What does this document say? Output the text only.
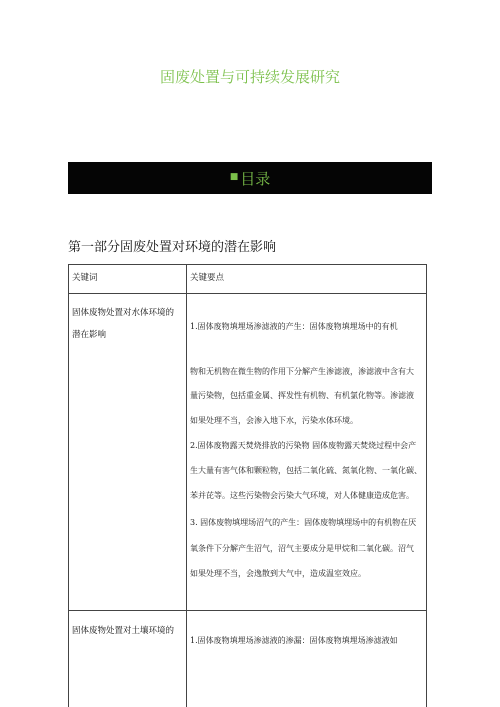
固废处置与可持续发展研究
■ 目录
第一部分固废处置对环境的潜在影响
关键词	关键要点
固体废物处置对水体环境的
潜在影响
1.固体废物填埋场渗滤液的产生：固体废物填埋场中的有机
物和无机物在微生物的作用下分解产生渗滤液，渗滤液中含有大
量污染物，包括重金属、挥发性有机物、有机氯化物等。渗滤液
如果处理不当，会渗入地下水，污染水体环境。
2.固体废物露天焚烧排放的污染物 固体废物露天焚烧过程中会产
生大量有害气体和颗粒物，包括二氧化硫、氮氧化物、一氧化碳、
苯并芘等。这些污染物会污染大气环境，对人体健康造成危害。
3. 固体废物填埋场沼气的产生：固体废物填埋场中的有机物在厌
氧条件下分解产生沼气，沼气主要成分是甲烷和二氧化碳。沼气
如果处理不当，会逸散到大气中，造成温室效应。
固体废物处置对土壤环境的
1.固体废物填埋场渗滤液的渗漏：固体废物填埋场渗滤液如
